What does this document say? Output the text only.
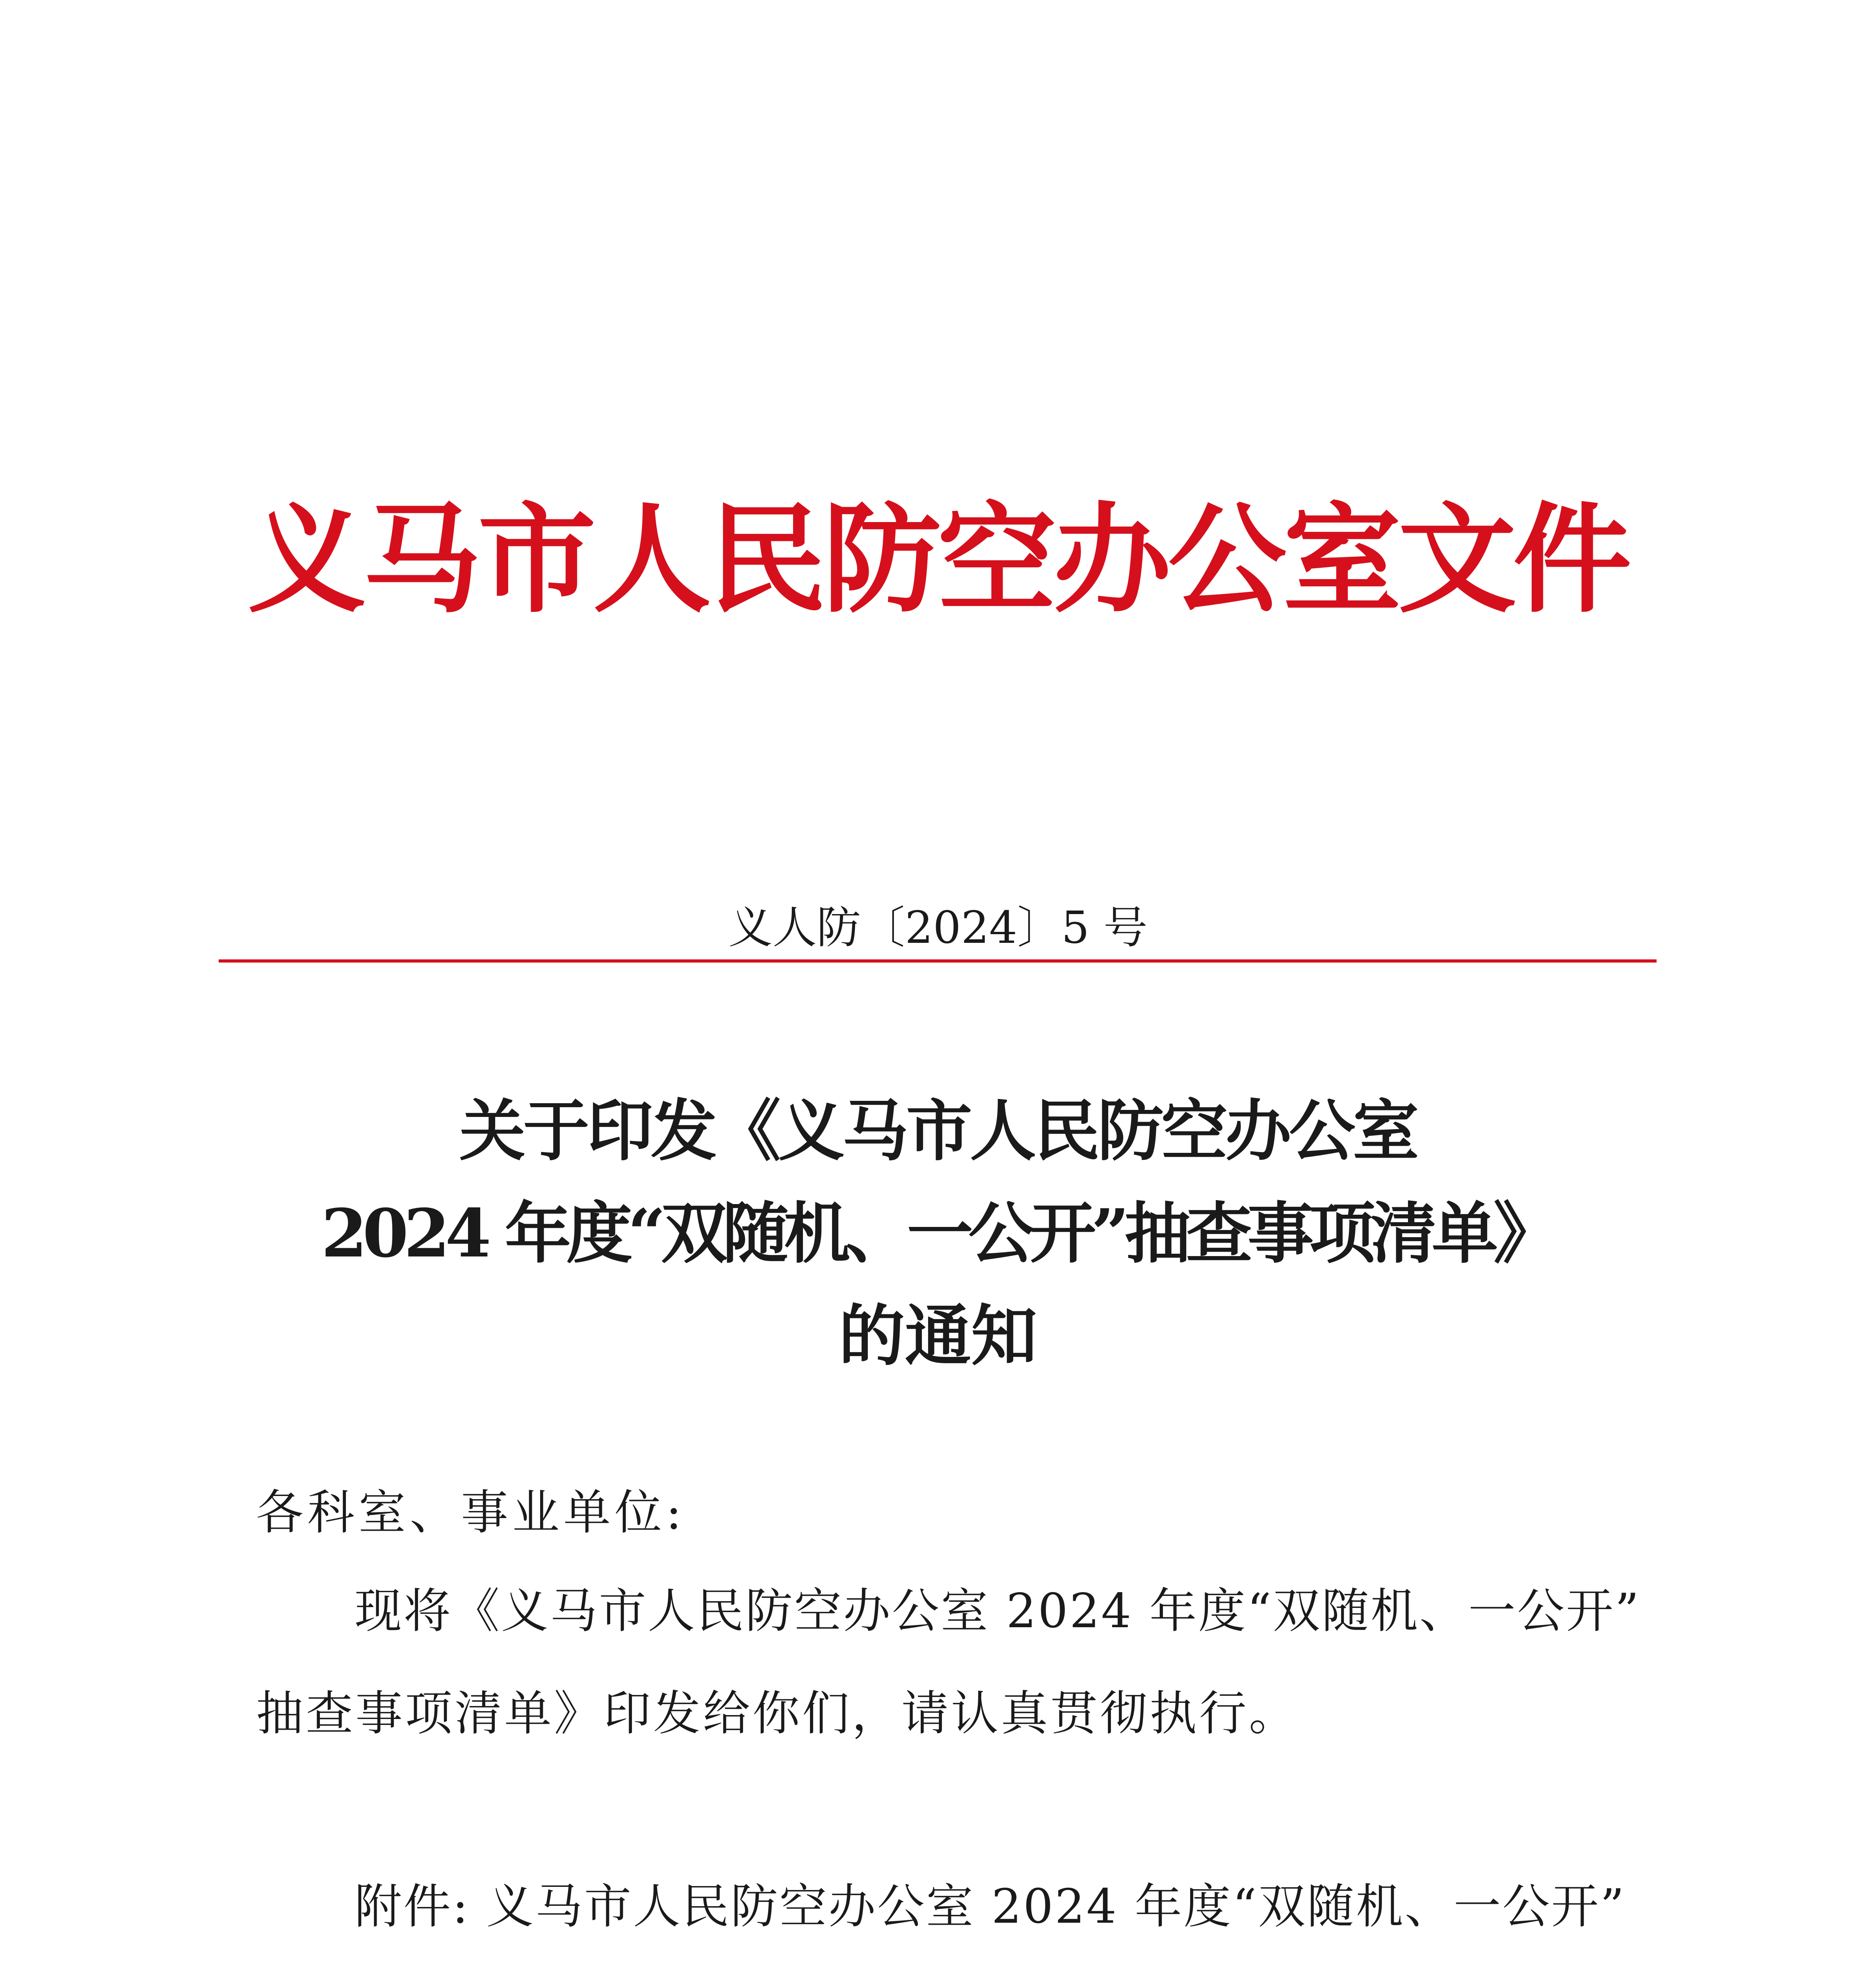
义马市人民防空办公室文件
义人防〔2024〕5 号
关于印发《义马市人民防空办公室
2024 年度“双随机、一公开”抽查事项清单》
的通知
各科室、事业单位:
现将《义马市人民防空办公室 2024 年度“双随机、一公开”
抽查事项清单》印发给你们，请认真贯彻执行。
附件: 义马市人民防空办公室 2024 年度“双随机、一公开”
